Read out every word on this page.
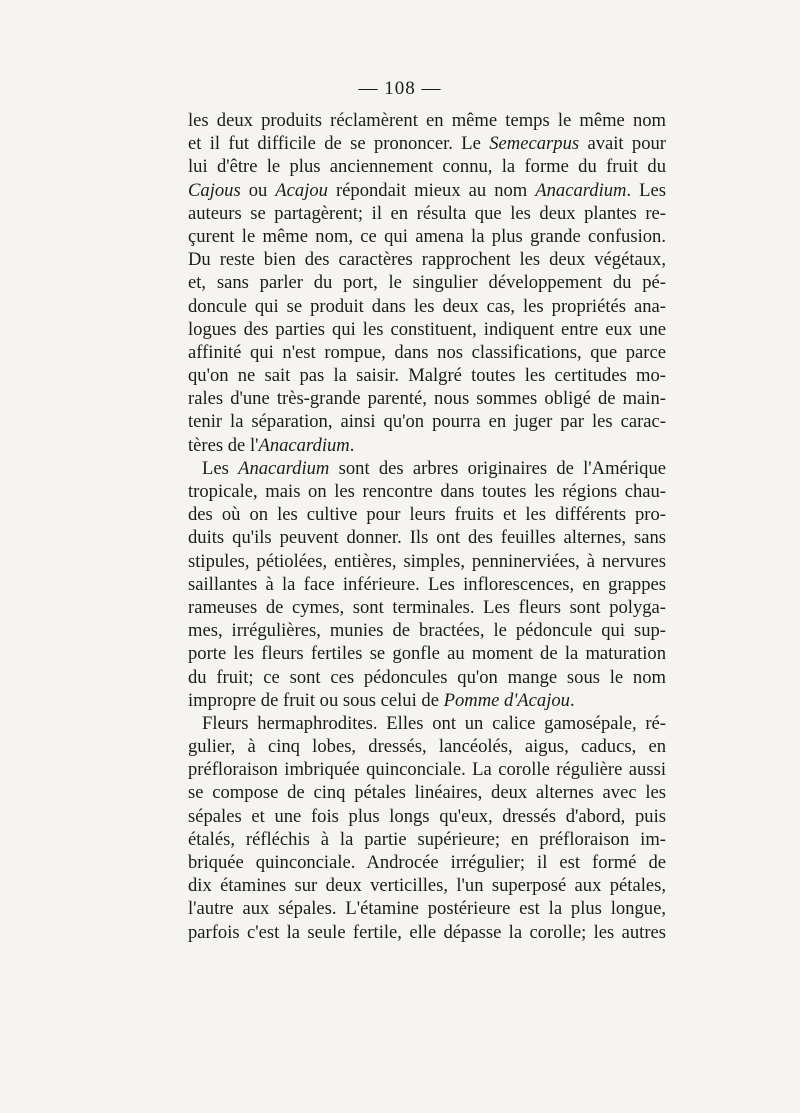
— 108 —
les deux produits réclamèrent en même temps le même nom
et il fut difficile de se prononcer. Le Semecarpus avait pour
lui d'être le plus anciennement connu, la forme du fruit du
Cajous ou Acajou répondait mieux au nom Anacardium. Les
auteurs se partagèrent; il en résulta que les deux plantes re-
çurent le même nom, ce qui amena la plus grande confusion.
Du reste bien des caractères rapprochent les deux végétaux,
et, sans parler du port, le singulier développement du pé-
doncule qui se produit dans les deux cas, les propriétés ana-
logues des parties qui les constituent, indiquent entre eux une
affinité qui n'est rompue, dans nos classifications, que parce
qu'on ne sait pas la saisir. Malgré toutes les certitudes mo-
rales d'une très-grande parenté, nous sommes obligé de main-
tenir la séparation, ainsi qu'on pourra en juger par les carac-
tères de l'Anacardium.
Les Anacardium sont des arbres originaires de l'Amérique
tropicale, mais on les rencontre dans toutes les régions chau-
des où on les cultive pour leurs fruits et les différents pro-
duits qu'ils peuvent donner. Ils ont des feuilles alternes, sans
stipules, pétiolées, entières, simples, penninerviées, à nervures
saillantes à la face inférieure. Les inflorescences, en grappes
rameuses de cymes, sont terminales. Les fleurs sont polyga-
mes, irrégulières, munies de bractées, le pédoncule qui sup-
porte les fleurs fertiles se gonfle au moment de la maturation
du fruit; ce sont ces pédoncules qu'on mange sous le nom
impropre de fruit ou sous celui de Pomme d'Acajou.
Fleurs hermaphrodites. Elles ont un calice gamosépale, ré-
gulier, à cinq lobes, dressés, lancéolés, aigus, caducs, en
préfloraison imbriquée quinconciale. La corolle régulière aussi
se compose de cinq pétales linéaires, deux alternes avec les
sépales et une fois plus longs qu'eux, dressés d'abord, puis
étalés, réfléchis à la partie supérieure; en préfloraison im-
briquée quinconciale. Androcée irrégulier; il est formé de
dix étamines sur deux verticilles, l'un superposé aux pétales,
l'autre aux sépales. L'étamine postérieure est la plus longue,
parfois c'est la seule fertile, elle dépasse la corolle; les autres
